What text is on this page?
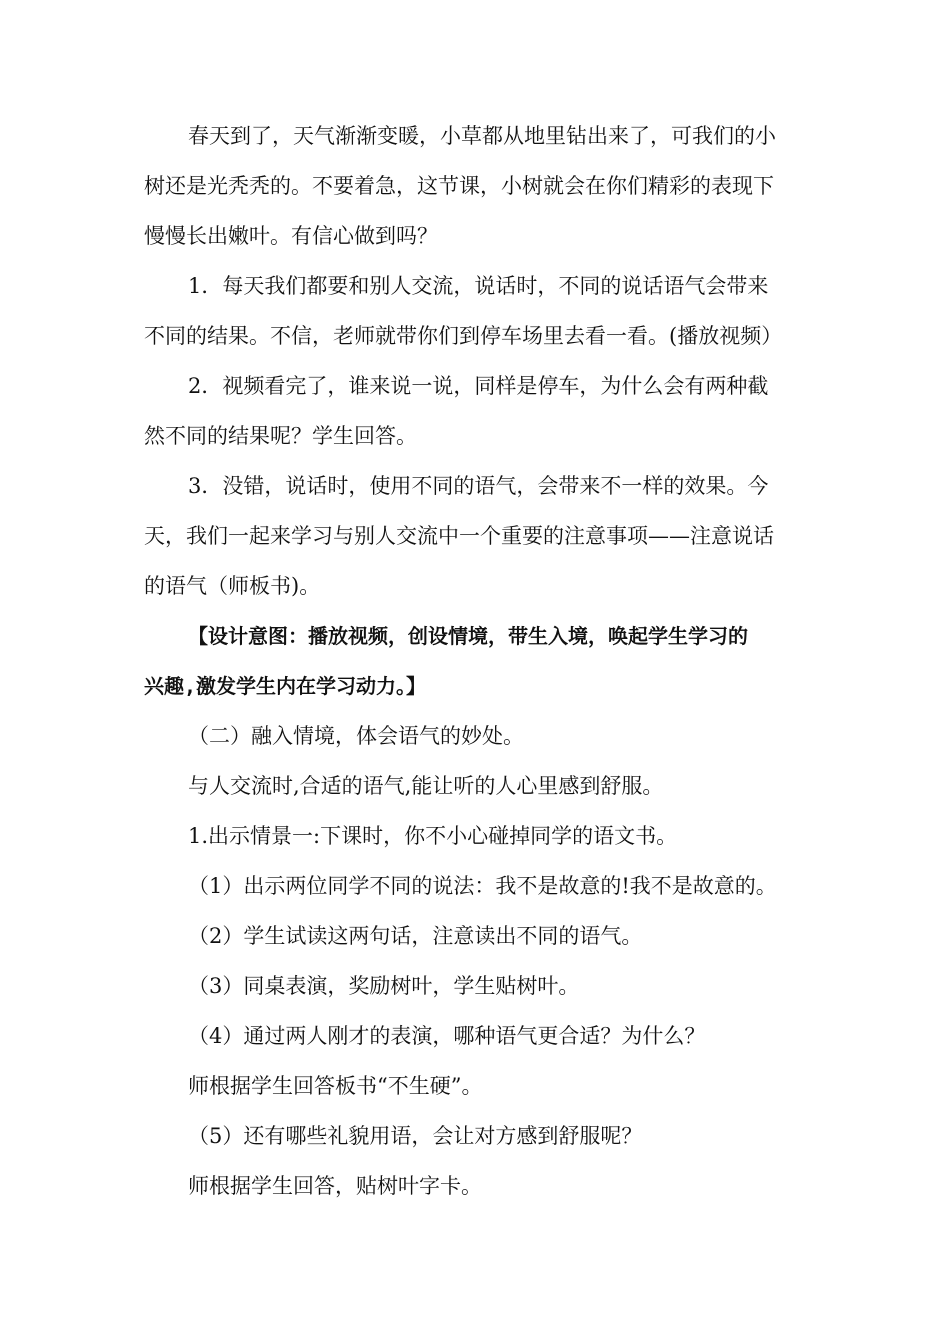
春天到了，天气渐渐变暖，小草都从地里钻出来了，可我们的小
树还是光秃秃的。不要着急，这节课，小树就会在你们精彩的表现下
慢慢长出嫩叶。有信心做到吗？
1．每天我们都要和别人交流，说话时，不同的说话语气会带来
不同的结果。不信，老师就带你们到停车场里去看一看。(播放视频）
2．视频看完了，谁来说一说，同样是停车，为什么会有两种截
然不同的结果呢？学生回答。
3．没错，说话时，使用不同的语气，会带来不一样的效果。今
天，我们一起来学习与别人交流中一个重要的注意事项——注意说话
的语气（师板书)。
【设计意图：播放视频，创设情境，带生入境，唤起学生学习的
兴趣,激发学生内在学习动力。】
（二）融入情境，体会语气的妙处。
与人交流时,合适的语气,能让听的人心里感到舒服。
1.出示情景一:下课时，你不小心碰掉同学的语文书。
（1）出示两位同学不同的说法：我不是故意的!我不是故意的。
（2）学生试读这两句话，注意读出不同的语气。
（3）同桌表演，奖励树叶，学生贴树叶。
（4）通过两人刚才的表演，哪种语气更合适？为什么？
师根据学生回答板书“不生硬”。
（5）还有哪些礼貌用语，会让对方感到舒服呢？
师根据学生回答，贴树叶字卡。
